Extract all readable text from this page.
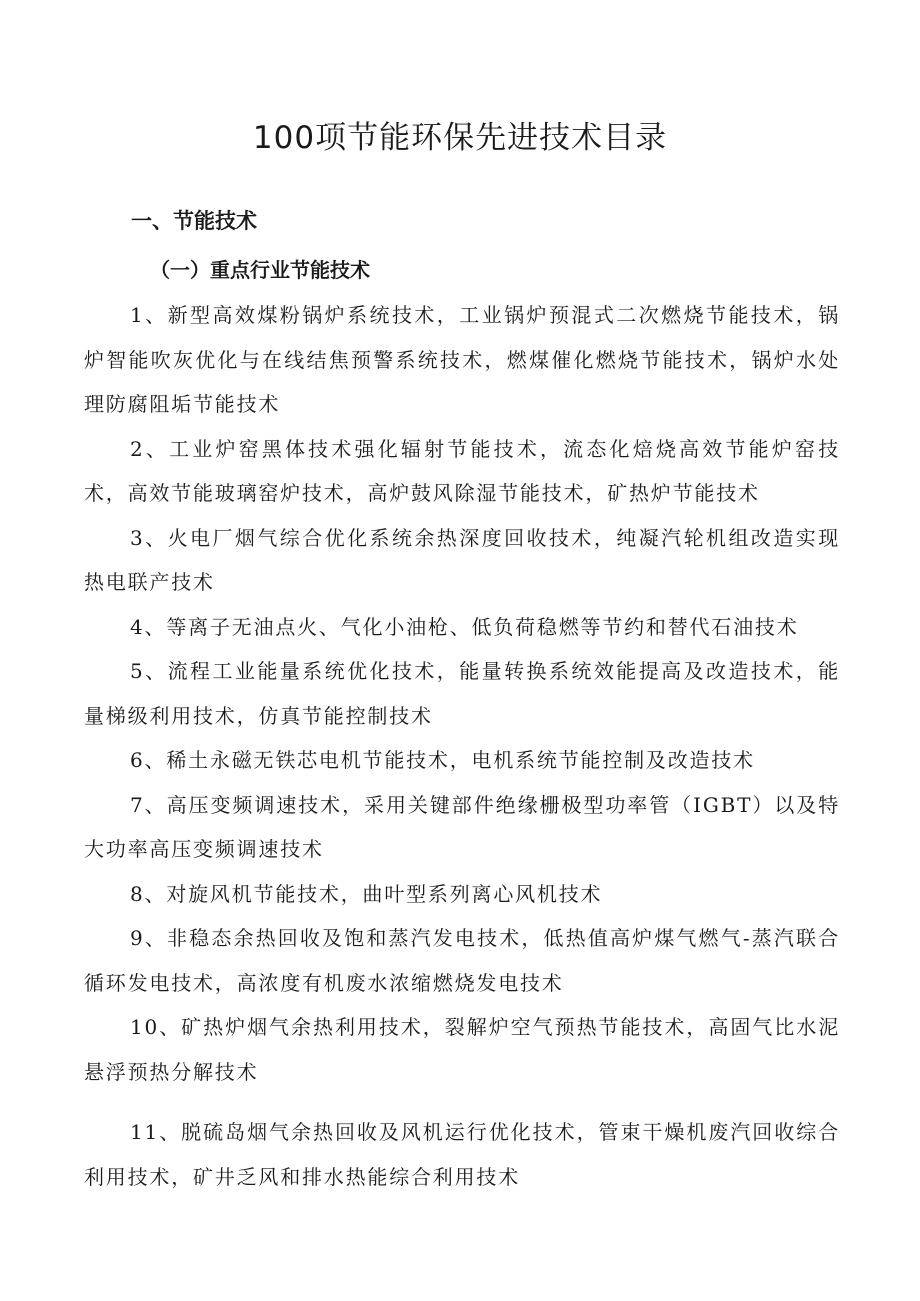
100项节能环保先进技术目录
一、节能技术
（一）重点行业节能技术

1、新型高效煤粉锅炉系统技术，工业锅炉预混式二次燃烧节能技术，锅炉智能吹灰优化与在线结焦预警系统技术，燃煤催化燃烧节能技术，锅炉水处理防腐阻垢节能技术

2、工业炉窑黑体技术强化辐射节能技术，流态化焙烧高效节能炉窑技术，高效节能玻璃窑炉技术，高炉鼓风除湿节能技术，矿热炉节能技术

3、火电厂烟气综合优化系统余热深度回收技术，纯凝汽轮机组改造实现热电联产技术

4、等离子无油点火、气化小油枪、低负荷稳燃等节约和替代石油技术

5、流程工业能量系统优化技术，能量转换系统效能提高及改造技术，能量梯级利用技术，仿真节能控制技术

6、稀土永磁无铁芯电机节能技术，电机系统节能控制及改造技术

7、高压变频调速技术，采用关键部件绝缘栅极型功率管（IGBT）以及特大功率高压变频调速技术

8、对旋风机节能技术，曲叶型系列离心风机技术

9、非稳态余热回收及饱和蒸汽发电技术，低热值高炉煤气燃气-蒸汽联合循环发电技术，高浓度有机废水浓缩燃烧发电技术

10、矿热炉烟气余热利用技术，裂解炉空气预热节能技术，高固气比水泥悬浮预热分解技术

11、脱硫岛烟气余热回收及风机运行优化技术，管束干燥机废汽回收综合利用技术，矿井乏风和排水热能综合利用技术
